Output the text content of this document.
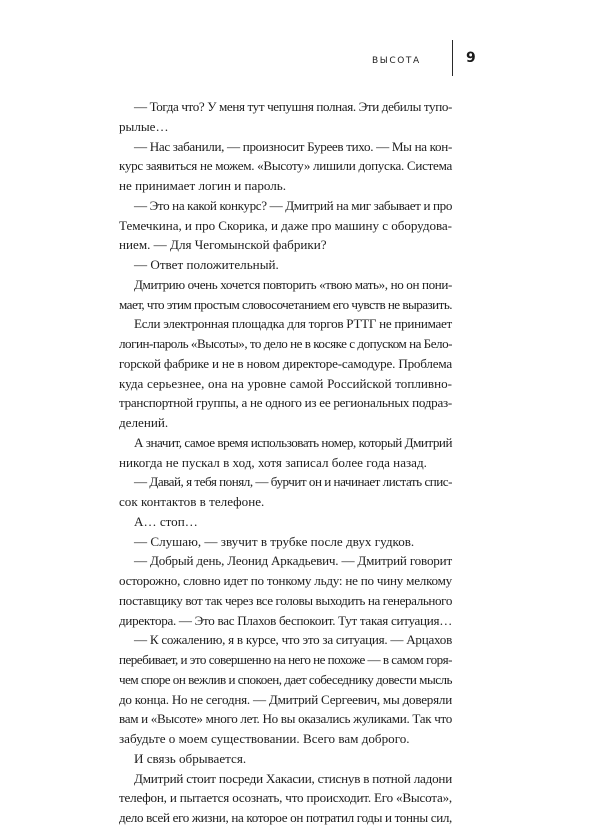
ВЫСОТА	9
— Тогда что? У меня тут чепушня полная. Эти дебилы тупо-
рылые…
— Нас забанили, — произносит Буреев тихо. — Мы на кон-
курс заявиться не можем. «Высоту» лишили допуска. Система
не принимает логин и пароль.
— Это на какой конкурс? — Дмитрий на миг забывает и про
Темечкина, и про Скорика, и даже про машину с оборудова-
нием. — Для Чегомынской фабрики?
— Ответ положительный.
Дмитрию очень хочется повторить «твою мать», но он пони-
мает, что этим простым словосочетанием его чувств не выразить.
Если электронная площадка для торгов РТТГ не принимает
логин-пароль «Высоты», то дело не в косяке с допуском на Бело-
горской фабрике и не в новом директоре-самодуре. Проблема
куда серьезнее, она на уровне самой Российской топливно-
транспортной группы, а не одного из ее региональных подраз-
делений.
А значит, самое время использовать номер, который Дмитрий
никогда не пускал в ход, хотя записал более года назад.
— Давай, я тебя понял, — бурчит он и начинает листать спис-
сок контактов в телефоне.
А… стоп…
— Слушаю, — звучит в трубке после двух гудков.
— Добрый день, Леонид Аркадьевич. — Дмитрий говорит
осторожно, словно идет по тонкому льду: не по чину мелкому
поставщику вот так через все головы выходить на генерального
директора. — Это вас Плахов беспокоит. Тут такая ситуация…
— К сожалению, я в курсе, что это за ситуация. — Арцахов
перебивает, и это совершенно на него не похоже — в самом горя-
чем споре он вежлив и спокоен, дает собеседнику довести мысль
до конца. Но не сегодня. — Дмитрий Сергеевич, мы доверяли
вам и «Высоте» много лет. Но вы оказались жуликами. Так что
забудьте о моем существовании. Всего вам доброго.
И связь обрывается.
Дмитрий стоит посреди Хакасии, стиснув в потной ладони
телефон, и пытается осознать, что происходит. Его «Высота»,
дело всей его жизни, на которое он потратил годы и тонны сил,
